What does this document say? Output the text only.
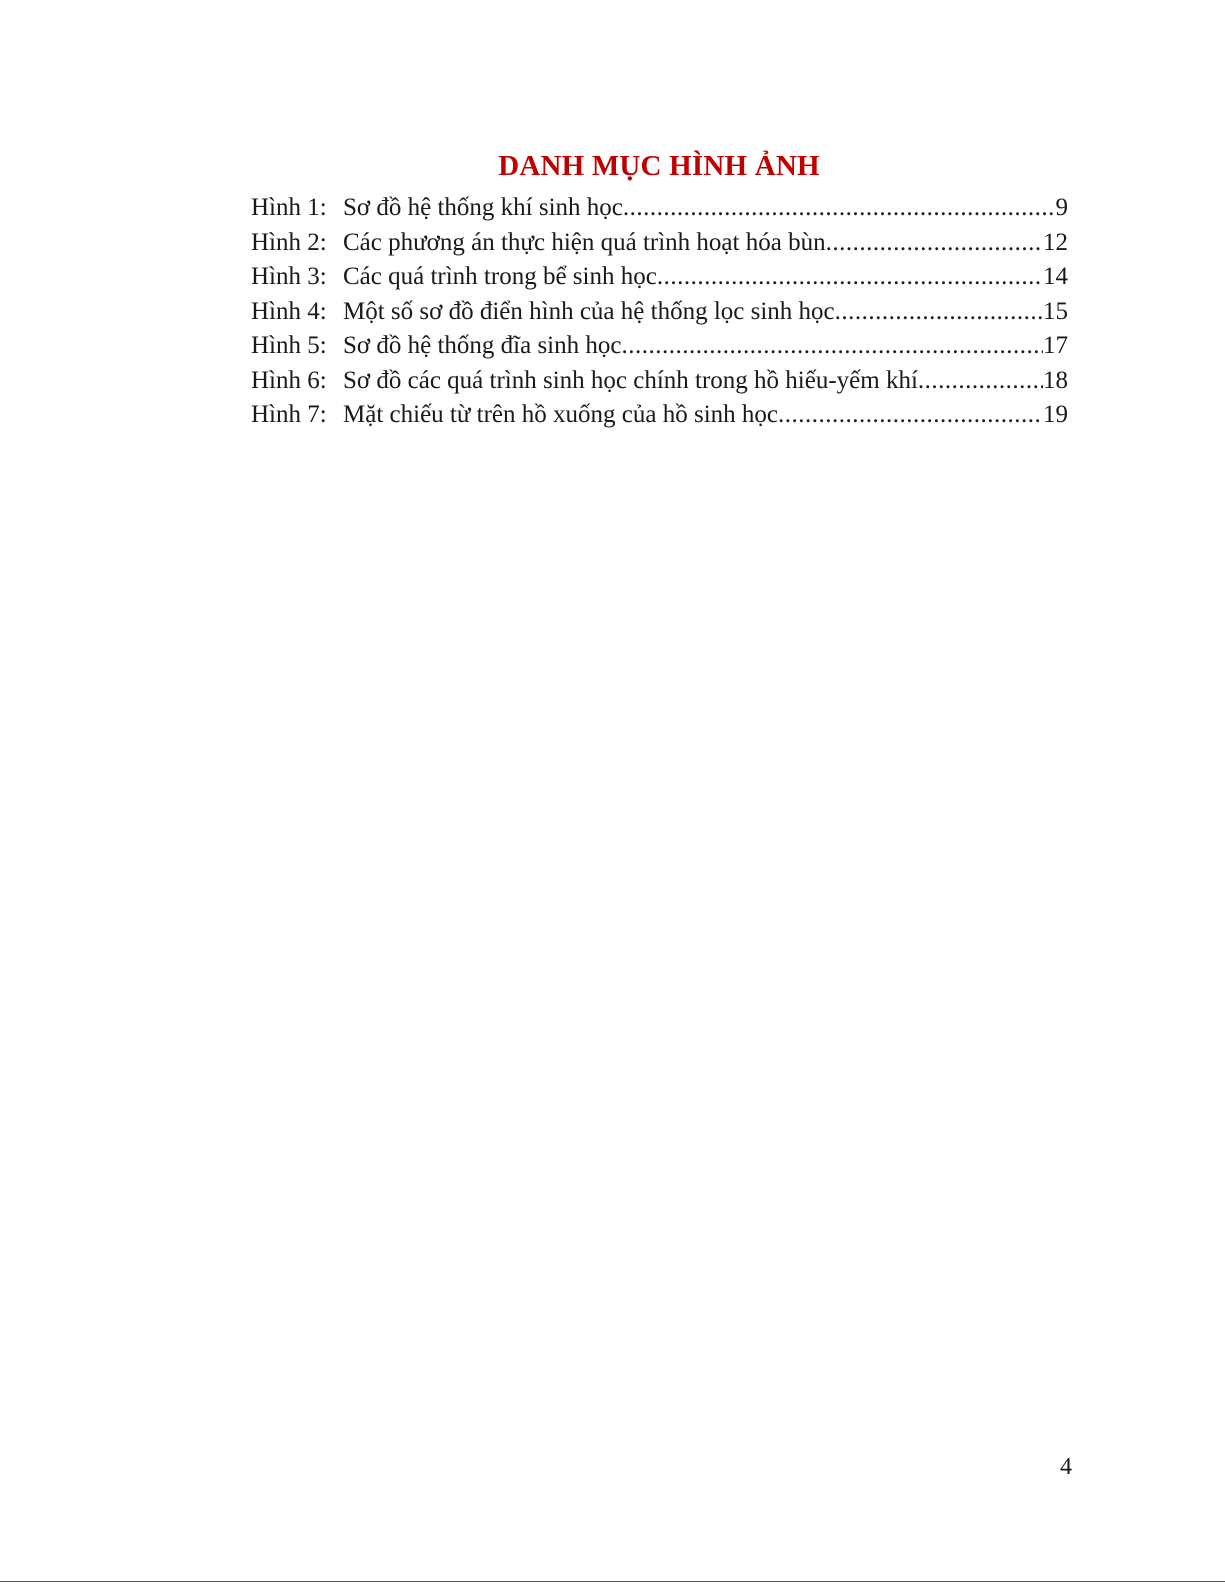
DANH MỤC HÌNH ẢNH
Hình 1: Sơ đồ hệ thống khí sinh học .....	9
Hình 2: Các phương án thực hiện quá trình hoạt hóa bùn .....	12
Hình 3: Các quá trình trong bể sinh học .....	14
Hình 4: Một số sơ đồ điển hình của hệ thống lọc sinh học .....	15
Hình 5: Sơ đồ hệ thống đĩa sinh học .....	17
Hình 6: Sơ đồ các quá trình sinh học chính trong hồ hiếu-yếm khí .....	18
Hình 7: Mặt chiếu từ trên hồ xuống của hồ sinh học .....	19
4
